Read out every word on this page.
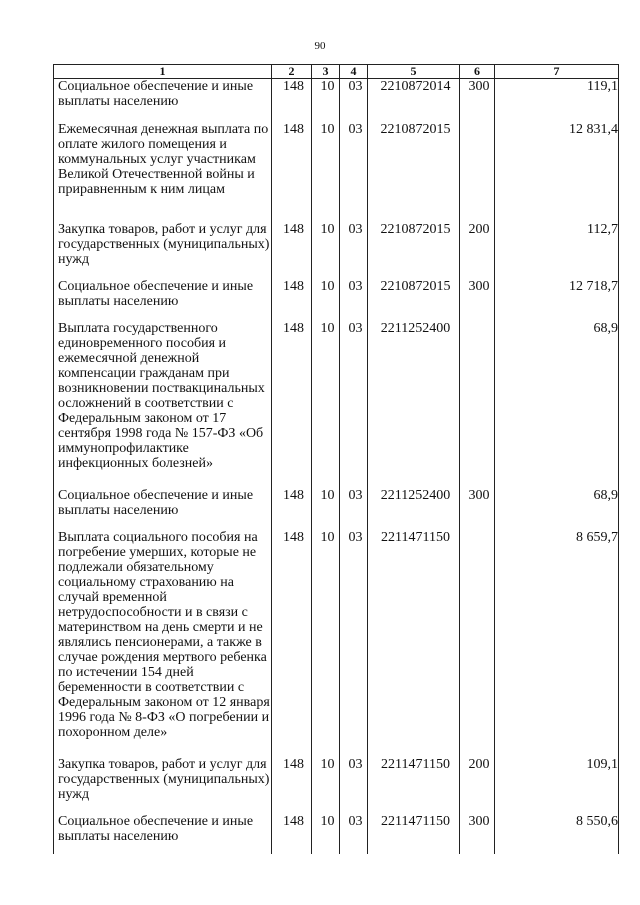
90
1	2	3	4	5	6	7
Социальное обеспечение и иные выплаты населению	148	10	03	2210872014	300	119,1
Ежемесячная денежная выплата по оплате жилого помещения и коммунальных услуг участникам Великой Отечественной войны и приравненным к ним лицам	148	10	03	2210872015		12 831,4
Закупка товаров, работ и услуг для государственных (муниципальных) нужд	148	10	03	2210872015	200	112,7
Социальное обеспечение и иные выплаты населению	148	10	03	2210872015	300	12 718,7
Выплата государственного единовременного пособия и ежемесячной денежной компенсации гражданам при возникновении поствакцинальных осложнений в соответствии с Федеральным законом от 17 сентября 1998 года № 157-ФЗ «Об иммунопрофилактике инфекционных болезней»	148	10	03	2211252400		68,9
Социальное обеспечение и иные выплаты населению	148	10	03	2211252400	300	68,9
Выплата социального пособия на погребение умерших, которые не подлежали обязательному социальному страхованию на случай временной нетрудоспособности и в связи с материнством на день смерти и не являлись пенсионерами, а также в случае рождения мертвого ребенка по истечении 154 дней беременности в соответствии с Федеральным законом от 12 января 1996 года № 8-ФЗ «О погребении и похоронном деле»	148	10	03	2211471150		8 659,7
Закупка товаров, работ и услуг для государственных (муниципальных) нужд	148	10	03	2211471150	200	109,1
Социальное обеспечение и иные выплаты населению	148	10	03	2211471150	300	8 550,6
